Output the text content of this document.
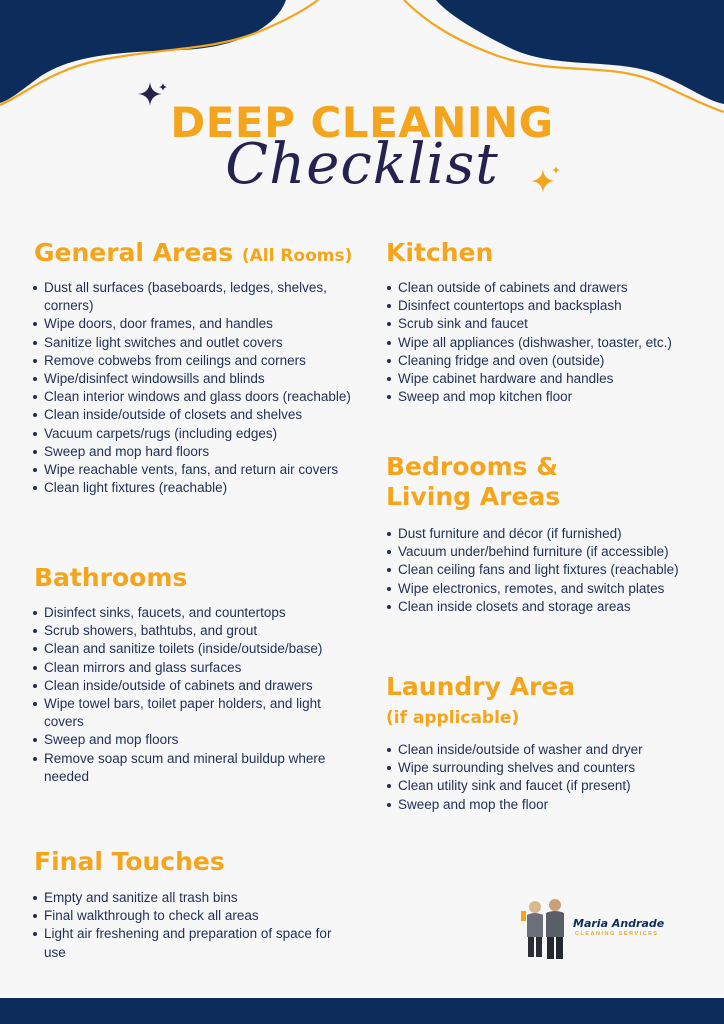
DEEP CLEANING
Checklist
General Areas (All Rooms)
Dust all surfaces (baseboards, ledges, shelves, corners)
Wipe doors, door frames, and handles
Sanitize light switches and outlet covers
Remove cobwebs from ceilings and corners
Wipe/disinfect windowsills and blinds
Clean interior windows and glass doors (reachable)
Clean inside/outside of closets and shelves
Vacuum carpets/rugs (including edges)
Sweep and mop hard floors
Wipe reachable vents, fans, and return air covers
Clean light fixtures (reachable)
Bathrooms
Disinfect sinks, faucets, and countertops
Scrub showers, bathtubs, and grout
Clean and sanitize toilets (inside/outside/base)
Clean mirrors and glass surfaces
Clean inside/outside of cabinets and drawers
Wipe towel bars, toilet paper holders, and light covers
Sweep and mop floors
Remove soap scum and mineral buildup where needed
Final Touches
Empty and sanitize all trash bins
Final walkthrough to check all areas
Light air freshening and preparation of space for use
Kitchen
Clean outside of cabinets and drawers
Disinfect countertops and backsplash
Scrub sink and faucet
Wipe all appliances (dishwasher, toaster, etc.)
Cleaning fridge and oven (outside)
Wipe cabinet hardware and handles
Sweep and mop kitchen floor
Bedrooms &
Living Areas
Dust furniture and décor (if furnished)
Vacuum under/behind furniture (if accessible)
Clean ceiling fans and light fixtures (reachable)
Wipe electronics, remotes, and switch plates
Clean inside closets and storage areas
Laundry Area
(if applicable)
Clean inside/outside of washer and dryer
Wipe surrounding shelves and counters
Clean utility sink and faucet (if present)
Sweep and mop the floor
Maria Andrade
CLEANING SERVICES
